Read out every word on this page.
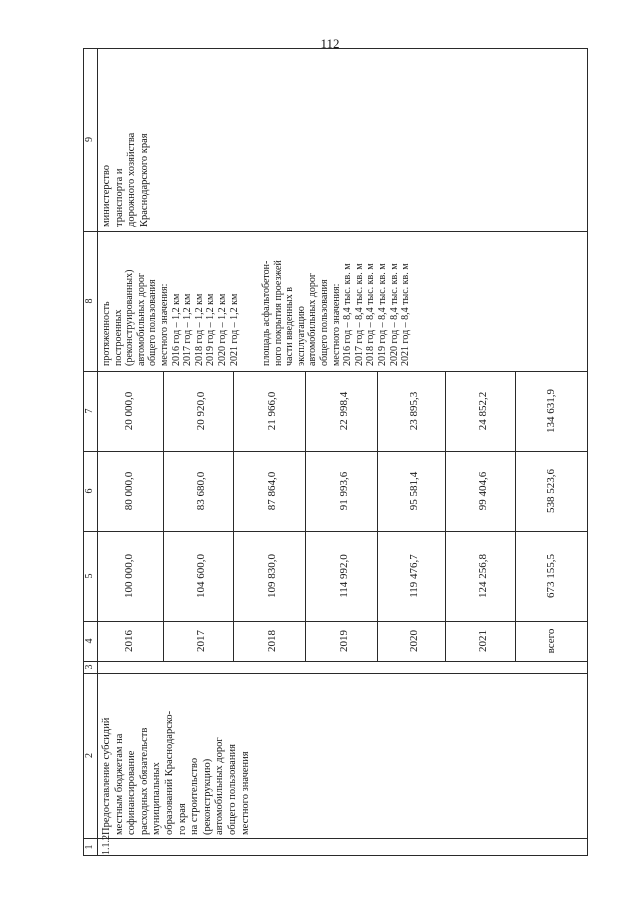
112
1
2
3
4
5
6
7
8
9
1.1.2
Предоставление субсидий
местным бюджетам на
софинансирование
расходных обязательств
муниципальных
образований Краснодарско-
го края
на строительство
(реконструкцию)
автомобильных дорог
общего пользования
местного значения
2016
100 000,0
80 000,0
20 000,0
2017
104 600,0
83 680,0
20 920,0
2018
109 830,0
87 864,0
21 966,0
2019
114 992,0
91 993,6
22 998,4
2020
119 476,7
95 581,4
23 895,3
2021
124 256,8
99 404,6
24 852,2
всего
673 155,5
538 523,6
134 631,9
протяженность
построенных
(реконструированных)
автомобильных дорог
общего пользования
местного значения:
2016 год – 1,2 км
2017 год – 1,2 км
2018 год – 1,2 км
2019 год – 1,2 км
2020 год – 1,2 км
2021 год – 1,2 км
площадь асфальтобетон-
ного покрытия проезжей
части введенных в
эксплуатацию
автомобильных дорог
общего пользования
местного значения:
2016 год – 8,4 тыс. кв. м
2017 год – 8,4 тыс. кв. м
2018 год – 8,4 тыс. кв. м
2019 год – 8,4 тыс. кв. м
2020 год – 8,4 тыс. кв. м
2021 год – 8,4 тыс. кв. м
министерство
транспорта и
дорожного хозяйства
Краснодарского края
